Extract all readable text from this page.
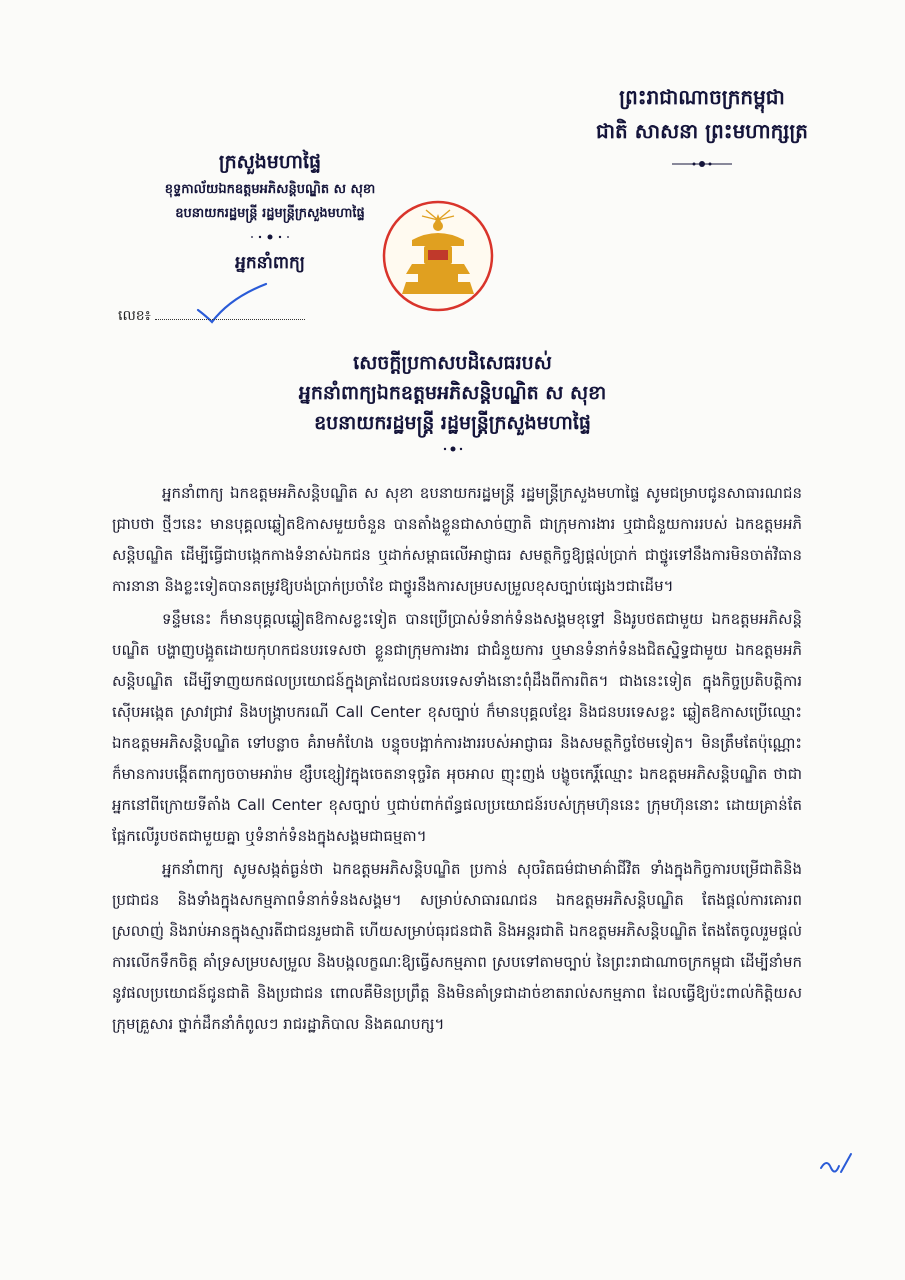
ព្រះរាជាណាចក្រកម្ពុជា
ជាតិ សាសនា ព្រះមហាក្សត្រ
ក្រសួងមហាផ្ទៃ
ខុទ្ទកាល័យឯកឧត្តមអភិសន្តិបណ្ឌិត ស សុខា
ឧបនាយករដ្ឋមន្ត្រី រដ្ឋមន្ត្រីក្រសួងមហាផ្ទៃ
អ្នកនាំពាក្យ
លេខ៖
សេចក្តីប្រកាសបដិសេធរបស់
អ្នកនាំពាក្យឯកឧត្តមអភិសន្តិបណ្ឌិត ស សុខា
ឧបនាយករដ្ឋមន្ត្រី រដ្ឋមន្ត្រីក្រសួងមហាផ្ទៃ

អ្នកនាំពាក្យ ឯកឧត្តមអភិសន្តិបណ្ឌិត ស សុខា ឧបនាយករដ្ឋមន្ត្រី រដ្ឋមន្ត្រីក្រសួងមហាផ្ទៃ សូមជម្រាបជូនសាធារណជនជ្រាបថា ថ្មីៗនេះ មានបុគ្គលឆ្លៀតឱកាសមួយចំនួន បានតាំងខ្លួនជាសាច់ញាតិ ជាក្រុមការងារ ឬជាជំនួយការរបស់ ឯកឧត្តមអភិសន្តិបណ្ឌិត ដើម្បីធ្វើជាបង្កេកកាងទំនាស់ឯកជន ឬដាក់សម្ពាធលើអាជ្ញាធរ សមត្ថកិច្ចឱ្យផ្តល់ប្រាក់ ជាថ្នូរទៅនឹងការមិនចាត់វិធានការនានា និងខ្លះទៀតបានតម្រូវឱ្យបង់ប្រាក់ប្រចាំខែ ជាថ្នូរនឹងការសម្របសម្រួលខុសច្បាប់ផ្សេងៗជាដើម។

ទន្ទឹមនេះ ក៏មានបុគ្គលឆ្លៀតឱកាសខ្លះទៀត បានប្រើប្រាស់ទំនាក់ទំនងសង្គមខុទ្ទៅ និងរូបថតជាមួយ ឯកឧត្តមអភិសន្តិបណ្ឌិត បង្ហាញបង្អួតដោយកុហកជនបរទេសថា ខ្លួនជាក្រុមការងារ ជាជំនួយការ ឬមានទំនាក់ទំនងជិតស្និទ្ធជាមួយ ឯកឧត្តមអភិសន្តិបណ្ឌិត ដើម្បីទាញយកផលប្រយោជន៍ក្នុងគ្រាដែលជនបរទេសទាំងនោះពុំដឹងពីការពិត។ ជាងនេះទៀត ក្នុងកិច្ចប្រតិបត្តិការស៊ើបអង្កេត ស្រាវជ្រាវ និងបង្ក្រាបករណី Call Center ខុសច្បាប់ ក៏មានបុគ្គលខ្មែរ និងជនបរទេសខ្លះ ឆ្លៀតឱកាសប្រើឈ្មោះ ឯកឧត្តមអភិសន្តិបណ្ឌិត ទៅបន្លាច គំរាមកំហែង បន្ទុចបង្អាក់ការងាររបស់អាជ្ញាធរ និងសមត្ថកិច្ចថែមទៀត។ មិនត្រឹមតែប៉ុណ្ណោះ ក៏មានការបង្កើតពាក្យចចាមអារ៉ាម ខ្សឹបខ្សៀវក្នុងចេតនាទុច្ចរិត អុចអាល ញុះញង់ បង្ខូចកេរ្តិ៍ឈ្មោះ ឯកឧត្តមអភិសន្តិបណ្ឌិត ថាជាអ្នកនៅពីក្រោយទីតាំង Call Center ខុសច្បាប់ ឬជាប់ពាក់ព័ន្ធផលប្រយោជន៍របស់ក្រុមហ៊ុននេះ ក្រុមហ៊ុននោះ ដោយគ្រាន់តែផ្អែកលើរូបថតជាមួយគ្នា ឬទំនាក់ទំនងក្នុងសង្គមជាធម្មតា។

អ្នកនាំពាក្យ សូមសង្កត់ធ្ងន់ថា ឯកឧត្តមអភិសន្តិបណ្ឌិត ប្រកាន់ សុចរិតធម៌ជាមាគ៌ាជីវិត ទាំងក្នុងកិច្ចការបម្រើជាតិនិងប្រជាជន និងទាំងក្នុងសកម្មភាពទំនាក់ទំនងសង្គម។ សម្រាប់សាធារណជន ឯកឧត្តមអភិសន្តិបណ្ឌិត តែងផ្តល់ការគោរព ស្រលាញ់ និងរាប់អានក្នុងស្មារតីជាជនរួមជាតិ ហើយសម្រាប់ធុរជនជាតិ និងអន្តរជាតិ ឯកឧត្តមអភិសន្តិបណ្ឌិត តែងតែចូលរួមផ្តល់ការលើកទឹកចិត្ត គាំទ្រសម្របសម្រួល និងបង្កលក្ខណៈឱ្យធ្វើសកម្មភាព ស្របទៅតាមច្បាប់ នៃព្រះរាជាណាចក្រកម្ពុជា ដើម្បីនាំមកនូវផលប្រយោជន៍ជូនជាតិ និងប្រជាជន ពោលគឺមិនប្រព្រឹត្ត និងមិនគាំទ្រជាដាច់ខាតរាល់សកម្មភាព ដែលធ្វើឱ្យប៉ះពាល់កិត្តិយសក្រុមគ្រួសារ ថ្នាក់ដឹកនាំកំពូលៗ រាជរដ្ឋាភិបាល និងគណបក្ស។
